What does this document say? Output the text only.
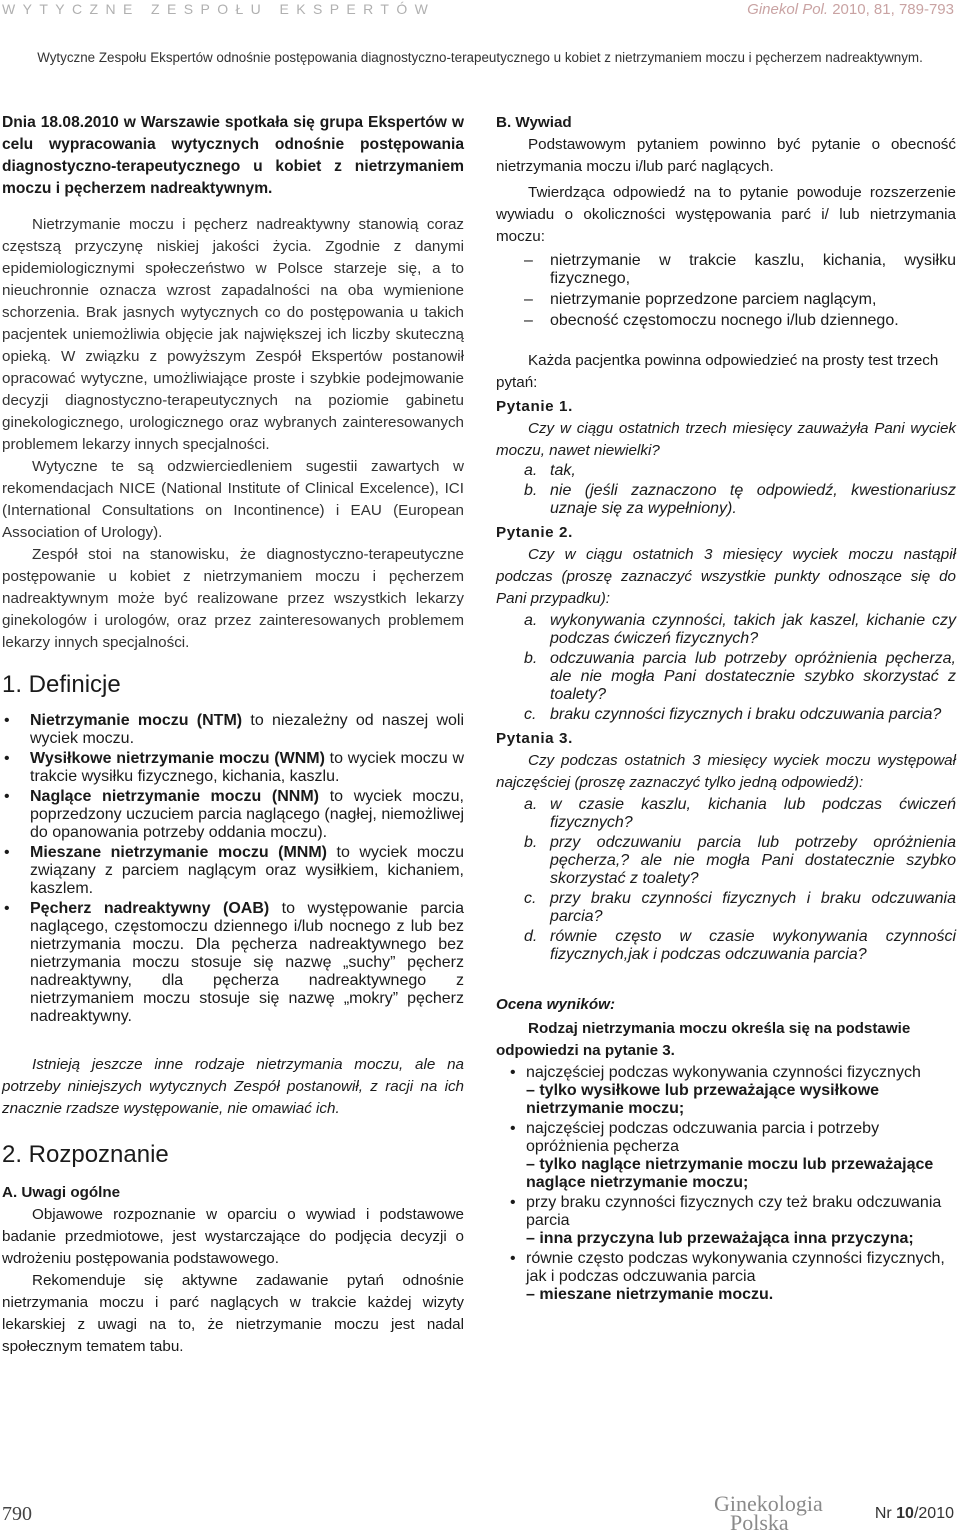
WYTYCZNE ZESPOŁU EKSPERTÓW	Ginekol Pol. 2010, 81, 789-793
Wytyczne Zespołu Ekspertów odnośnie postępowania diagnostyczno-terapeutycznego u kobiet z nietrzymaniem moczu i pęcherzem nadreaktywnym.

Dnia 18.08.2010 w Warszawie spotkała się grupa Ekspertów w celu wypracowania wytycznych odnośnie postępowania diagnostyczno-terapeutycznego u kobiet z nietrzymaniem moczu i pęcherzem nadreaktywnym.

Nietrzymanie moczu i pęcherz nadreaktywny stanowią coraz częstszą przyczynę niskiej jakości życia. Zgodnie z danymi epidemiologicznymi społeczeństwo w Polsce starzeje się, a to nieuchronnie oznacza wzrost zapadalności na oba wymienione schorzenia. Brak jasnych wytycznych co do postępowania u takich pacjentek uniemożliwia objęcie jak największej ich liczby skuteczną opieką. W związku z powyższym Zespół Ekspertów postanowił opracować wytyczne, umożliwiające proste i szybkie podejmowanie decyzji diagnostyczno-terapeutycznych na poziomie gabinetu ginekologicznego, urologicznego oraz wybranych zainteresowanych problemem lekarzy innych specjalności.

Wytyczne te są odzwierciedleniem sugestii zawartych w rekomendacjach NICE (National Institute of Clinical Excelence), ICI (International Consultations on Incontinence) i EAU (European Association of Urology).

Zespół stoi na stanowisku, że diagnostyczno-terapeutyczne postępowanie u kobiet z nietrzymaniem moczu i pęcherzem nadreaktywnym może być realizowane przez wszystkich lekarzy ginekologów i urologów, oraz przez zainteresowanych problemem lekarzy innych specjalności.

1. Definicje
• Nietrzymanie moczu (NTM) to niezależny od naszej woli wyciek moczu.
• Wysiłkowe nietrzymanie moczu (WNM) to wyciek moczu w trakcie wysiłku fizycznego, kichania, kaszlu.
• Naglące nietrzymanie moczu (NNM) to wyciek moczu, poprzedzony uczuciem parcia naglącego (nagłej, niemożliwej do opanowania potrzeby oddania moczu).
• Mieszane nietrzymanie moczu (MNM) to wyciek moczu związany z parciem naglącym oraz wysiłkiem, kichaniem, kaszlem.
• Pęcherz nadreaktywny (OAB) to występowanie parcia naglącego, częstomoczu dziennego i/lub nocnego z lub bez nietrzymania moczu. Dla pęcherza nadreaktywnego bez nietrzymania moczu stosuje się nazwę „suchy” pęcherz nadreaktywny, dla pęcherza nadreaktywnego z nietrzymaniem moczu stosuje się nazwę „mokry” pęcherz nadreaktywny.

Istnieją jeszcze inne rodzaje nietrzymania moczu, ale na potrzeby niniejszych wytycznych Zespół postanowił, z racji na ich znacznie rzadsze występowanie, nie omawiać ich.

2. Rozpoznanie
A. Uwagi ogólne

Objawowe rozpoznanie w oparciu o wywiad i podstawowe badanie przedmiotowe, jest wystarczające do podjęcia decyzji o wdrożeniu postępowania podstawowego.

Rekomenduje się aktywne zadawanie pytań odnośnie nietrzymania moczu i parć naglących w trakcie każdej wizyty lekarskiej z uwagi na to, że nietrzymanie moczu jest nadal społecznym tematem tabu.

B. Wywiad

Podstawowym pytaniem powinno być pytanie o obecność nietrzymania moczu i/lub parć naglących.

Twierdząca odpowiedź na to pytanie powoduje rozszerzenie wywiadu o okoliczności występowania parć i/ lub nietrzymania moczu:

– nietrzymanie w trakcie kaszlu, kichania, wysiłku fizycznego,
– nietrzymanie poprzedzone parciem naglącym,
– obecność częstomoczu nocnego i/lub dziennego.

Każda pacjentka powinna odpowiedzieć na prosty test trzech pytań:

Pytanie 1.

Czy w ciągu ostatnich trzech miesięcy zauważyła Pani wyciek moczu, nawet niewielki?

a. tak,
b. nie (jeśli zaznaczono tę odpowiedź, kwestionariusz uznaje się za wypełniony).
Pytanie 2.

Czy w ciągu ostatnich 3 miesięcy wyciek moczu nastąpił podczas (proszę zaznaczyć wszystkie punkty odnoszące się do Pani przypadku):

a. wykonywania czynności, takich jak kaszel, kichanie czy podczas ćwiczeń fizycznych?
b. odczuwania parcia lub potrzeby opróżnienia pęcherza, ale nie mogła Pani dostatecznie szybko skorzystać z toalety?
c. braku czynności fizycznych i braku odczuwania parcia?
Pytania 3.

Czy podczas ostatnich 3 miesięcy wyciek moczu występował najczęściej (proszę zaznaczyć tylko jedną odpowiedź):

a. w czasie kaszlu, kichania lub podczas ćwiczeń fizycznych?
b. przy odczuwaniu parcia lub potrzeby opróżnienia pęcherza,? ale nie mogła Pani dostatecznie szybko skorzystać z toalety?
c. przy braku czynności fizycznych i braku odczuwania parcia?
d. równie często w czasie wykonywania czynności fizycznych,jak i podczas odczuwania parcia?
Ocena wyników:

Rodzaj nietrzymania moczu określa się na podstawie odpowiedzi na pytanie 3.

• najczęściej podczas wykonywania czynności fizycznych
– tylko wysiłkowe lub przeważające wysiłkowe nietrzymanie moczu;
• najczęściej podczas odczuwania parcia i potrzeby opróżnienia pęcherza
– tylko naglące nietrzymanie moczu lub przeważające naglące nietrzymanie moczu;
• przy braku czynności fizycznych czy też braku odczuwania parcia
– inna przyczyna lub przeważająca inna przyczyna;
• równie często podczas wykonywania czynności fizycznych, jak i podczas odczuwania parcia
– mieszane nietrzymanie moczu.
790	Ginekologia
Polska	Nr 10/2010
